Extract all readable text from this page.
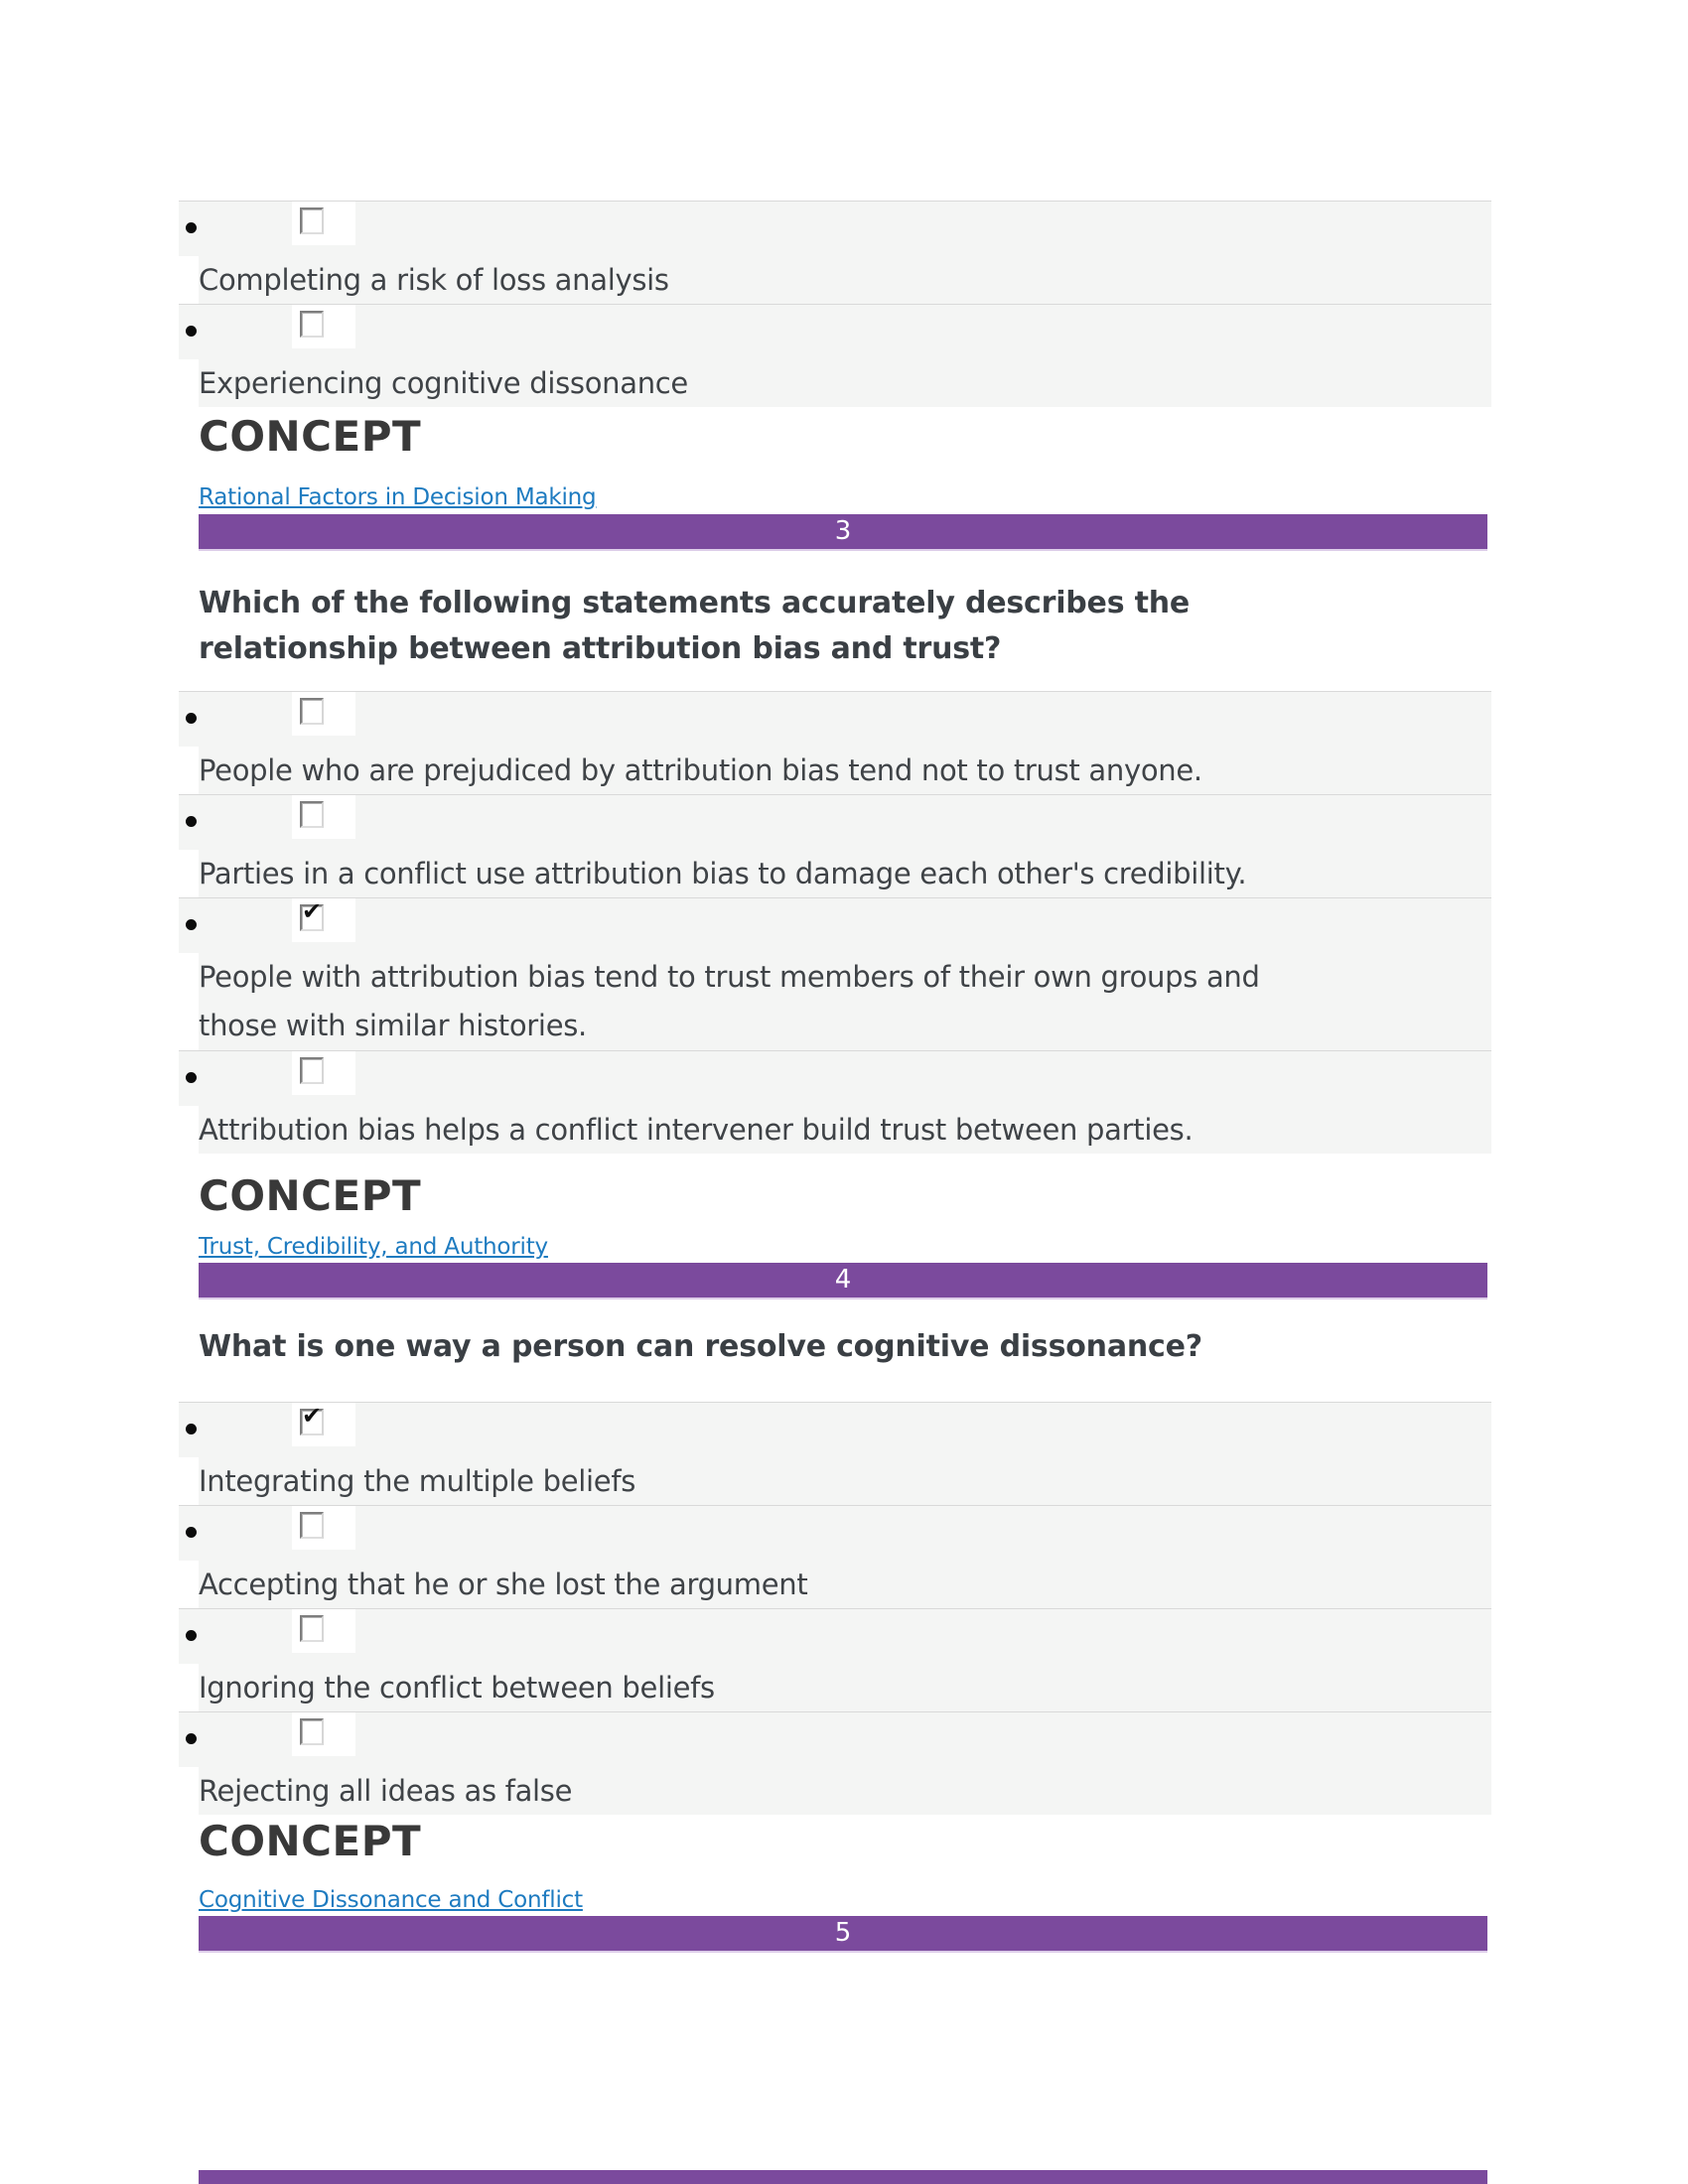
Completing a risk of loss analysis
Experiencing cognitive dissonance
CONCEPT
Rational Factors in Decision Making
3
Which of the following statements accurately describes the
relationship between attribution bias and trust?
People who are prejudiced by attribution bias tend not to trust anyone.
Parties in a conflict use attribution bias to damage each other's credibility.
✔
People with attribution bias tend to trust members of their own groups and
those with similar histories.
Attribution bias helps a conflict intervener build trust between parties.
CONCEPT
Trust, Credibility, and Authority
4
What is one way a person can resolve cognitive dissonance?
✔
Integrating the multiple beliefs
Accepting that he or she lost the argument
Ignoring the conflict between beliefs
Rejecting all ideas as false
CONCEPT
Cognitive Dissonance and Conflict
5
